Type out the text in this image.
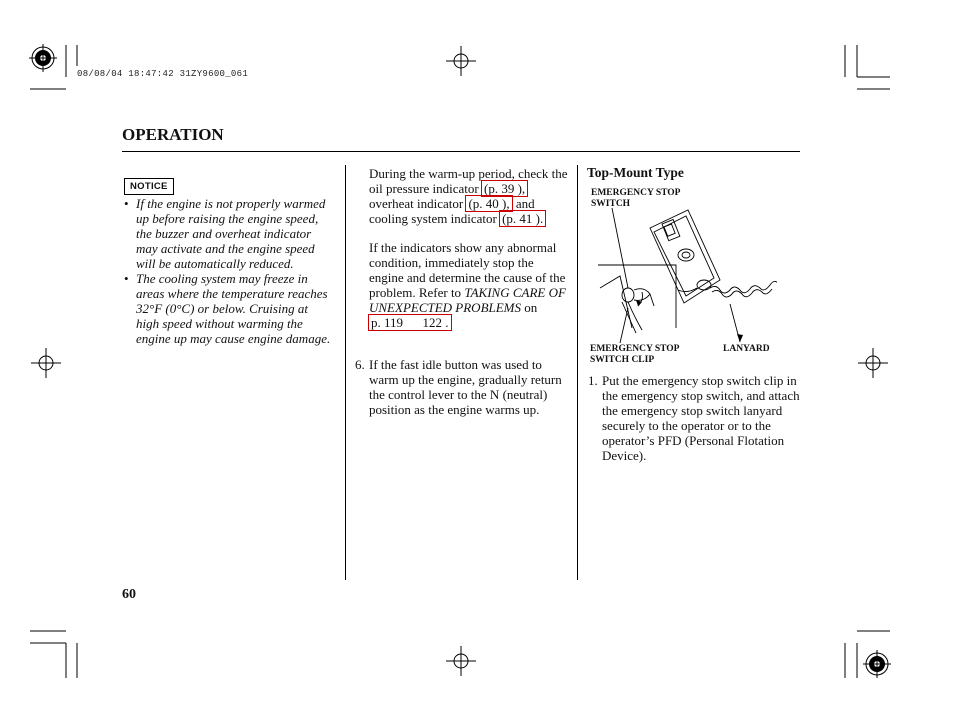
08/08/04 18:47:42 31ZY9600_061
OPERATION
NOTICE
• If the engine is not properly warmed up before raising the engine speed, the buzzer and overheat indicator may activate and the engine speed will be automatically reduced.
• The cooling system may freeze in areas where the temperature reaches 32°F (0°C) or below. Cruising at high speed without warming the engine up may cause engine damage.
During the warm-up period, check the oil pressure indicator (p. 39 ),
overheat indicator (p. 40 ), and
cooling system indicator (p. 41 ).
If the indicators show any abnormal condition, immediately stop the engine and determine the cause of the problem. Refer to TAKING CARE OF UNEXPECTED PROBLEMS on
p. 119      122 .
6. If the fast idle button was used to warm up the engine, gradually return the control lever to the N (neutral) position as the engine warms up.
Top-Mount Type
EMERGENCY STOP
SWITCH
EMERGENCY STOP
SWITCH CLIP
LANYARD
1. Put the emergency stop switch clip in the emergency stop switch, and attach the emergency stop switch lanyard securely to the operator or to the operator’s PFD (Personal Flotation Device).
60
